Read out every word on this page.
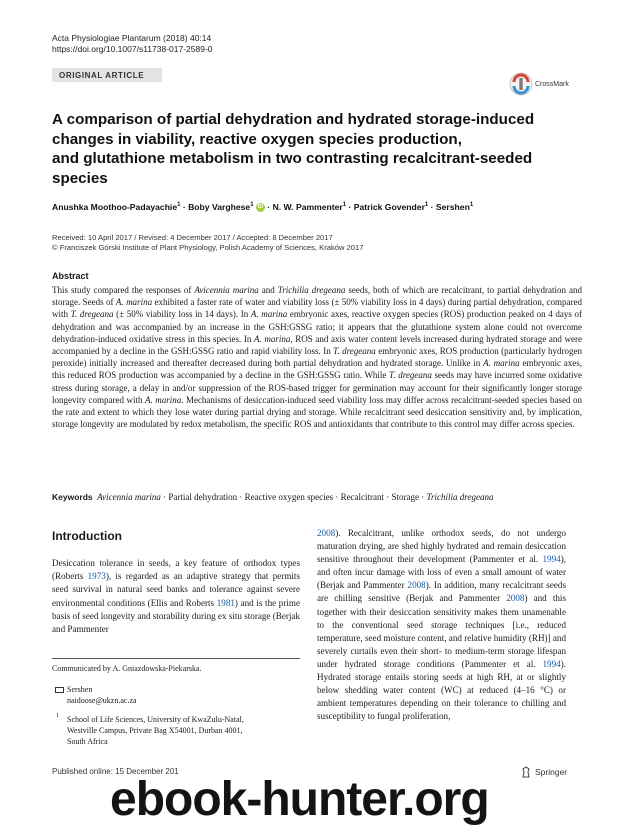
Acta Physiologiae Plantarum (2018) 40:14
https://doi.org/10.1007/s11738-017-2589-0
ORIGINAL ARTICLE
CrossMark
A comparison of partial dehydration and hydrated storage-induced
changes in viability, reactive oxygen species production,
and glutathione metabolism in two contrasting recalcitrant-seeded
species
Anushka Moothoo-Padayachie$^1$ · Boby Varghese$^1$ iD · N. W. Pammenter$^1$ · Patrick Govender$^1$ · Sershen$^1$
Received: 10 April 2017 / Revised: 4 December 2017 / Accepted: 8 December 2017
© Franciszek Górski Institute of Plant Physiology, Polish Academy of Sciences, Kraków 2017
Abstract
This study compared the responses of Avicennia marina and Trichilia dregeana seeds, both of which are recalcitrant, to partial dehydration and storage. Seeds of A. marina exhibited a faster rate of water and viability loss (± 50% viability loss in 4 days) during partial dehydration, compared with T. dregeana (± 50% viability loss in 14 days). In A. marina embryonic axes, reactive oxygen species (ROS) production peaked on 4 days of dehydration and was accompanied by an increase in the GSH:GSSG ratio; it appears that the glutathione system alone could not overcome dehydration-induced oxidative stress in this species. In A. marina, ROS and axis water content levels increased during hydrated storage and were accompanied by a decline in the GSH:GSSG ratio and rapid viability loss. In T. dregeana embryonic axes, ROS production (particularly hydrogen peroxide) initially increased and thereafter decreased during both partial dehydration and hydrated storage. Unlike in A. marina embryonic axes, this reduced ROS production was accompanied by a decline in the GSH:GSSG ratio. While T. dregeana seeds may have incurred some oxidative stress during storage, a delay in and/or suppression of the ROS-based trigger for germination may account for their significantly longer storage longevity compared with A. marina. Mechanisms of desiccation-induced seed viability loss may differ across recalcitrant-seeded species based on the rate and extent to which they lose water during partial drying and storage. While recalcitrant seed desiccation sensitivity and, by implication, storage longevity are modulated by redox metabolism, the specific ROS and antioxidants that contribute to this control may differ across species.
Keywords Avicennia marina · Partial dehydration · Reactive oxygen species · Recalcitrant · Storage · Trichilia dregeana
Introduction
Desiccation tolerance in seeds, a key feature of orthodox types (Roberts 1973), is regarded as an adaptive strategy that permits seed survival in natural seed banks and tolerance against severe environmental conditions (Ellis and Roberts 1981) and is the prime basis of seed longevity and storability during ex situ storage (Berjak and Pammenter
2008). Recalcitrant, unlike orthodox seeds, do not undergo maturation drying, are shed highly hydrated and remain desiccation sensitive throughout their development (Pammenter et al. 1994), and often incur damage with loss of even a small amount of water (Berjak and Pammenter 2008). In addition, many recalcitrant seeds are chilling sensitive (Berjak and Pammenter 2008) and this together with their desiccation sensitivity makes them unamenable to the conventional seed storage techniques [i.e., reduced temperature, seed moisture content, and relative humidity (RH)] and severely curtails even their short- to medium-term storage lifespan under hydrated storage conditions (Pammenter et al. 1994). Hydrated storage entails storing seeds at high RH, at or slightly below shedding water content (WC) at reduced (4–16 °C) or ambient temperatures depending on their tolerance to chilling and susceptibility to fungal proliferation,
Communicated by A. Gniazdowska-Piekarska.
Sershen
naidoose@ukzn.ac.za
1 School of Life Sciences, University of KwaZulu-Natal,
Westville Campus, Private Bag X54001, Durban 4001,
South Africa
Published online: 15 December 201	Springer
ebook-hunter.org
